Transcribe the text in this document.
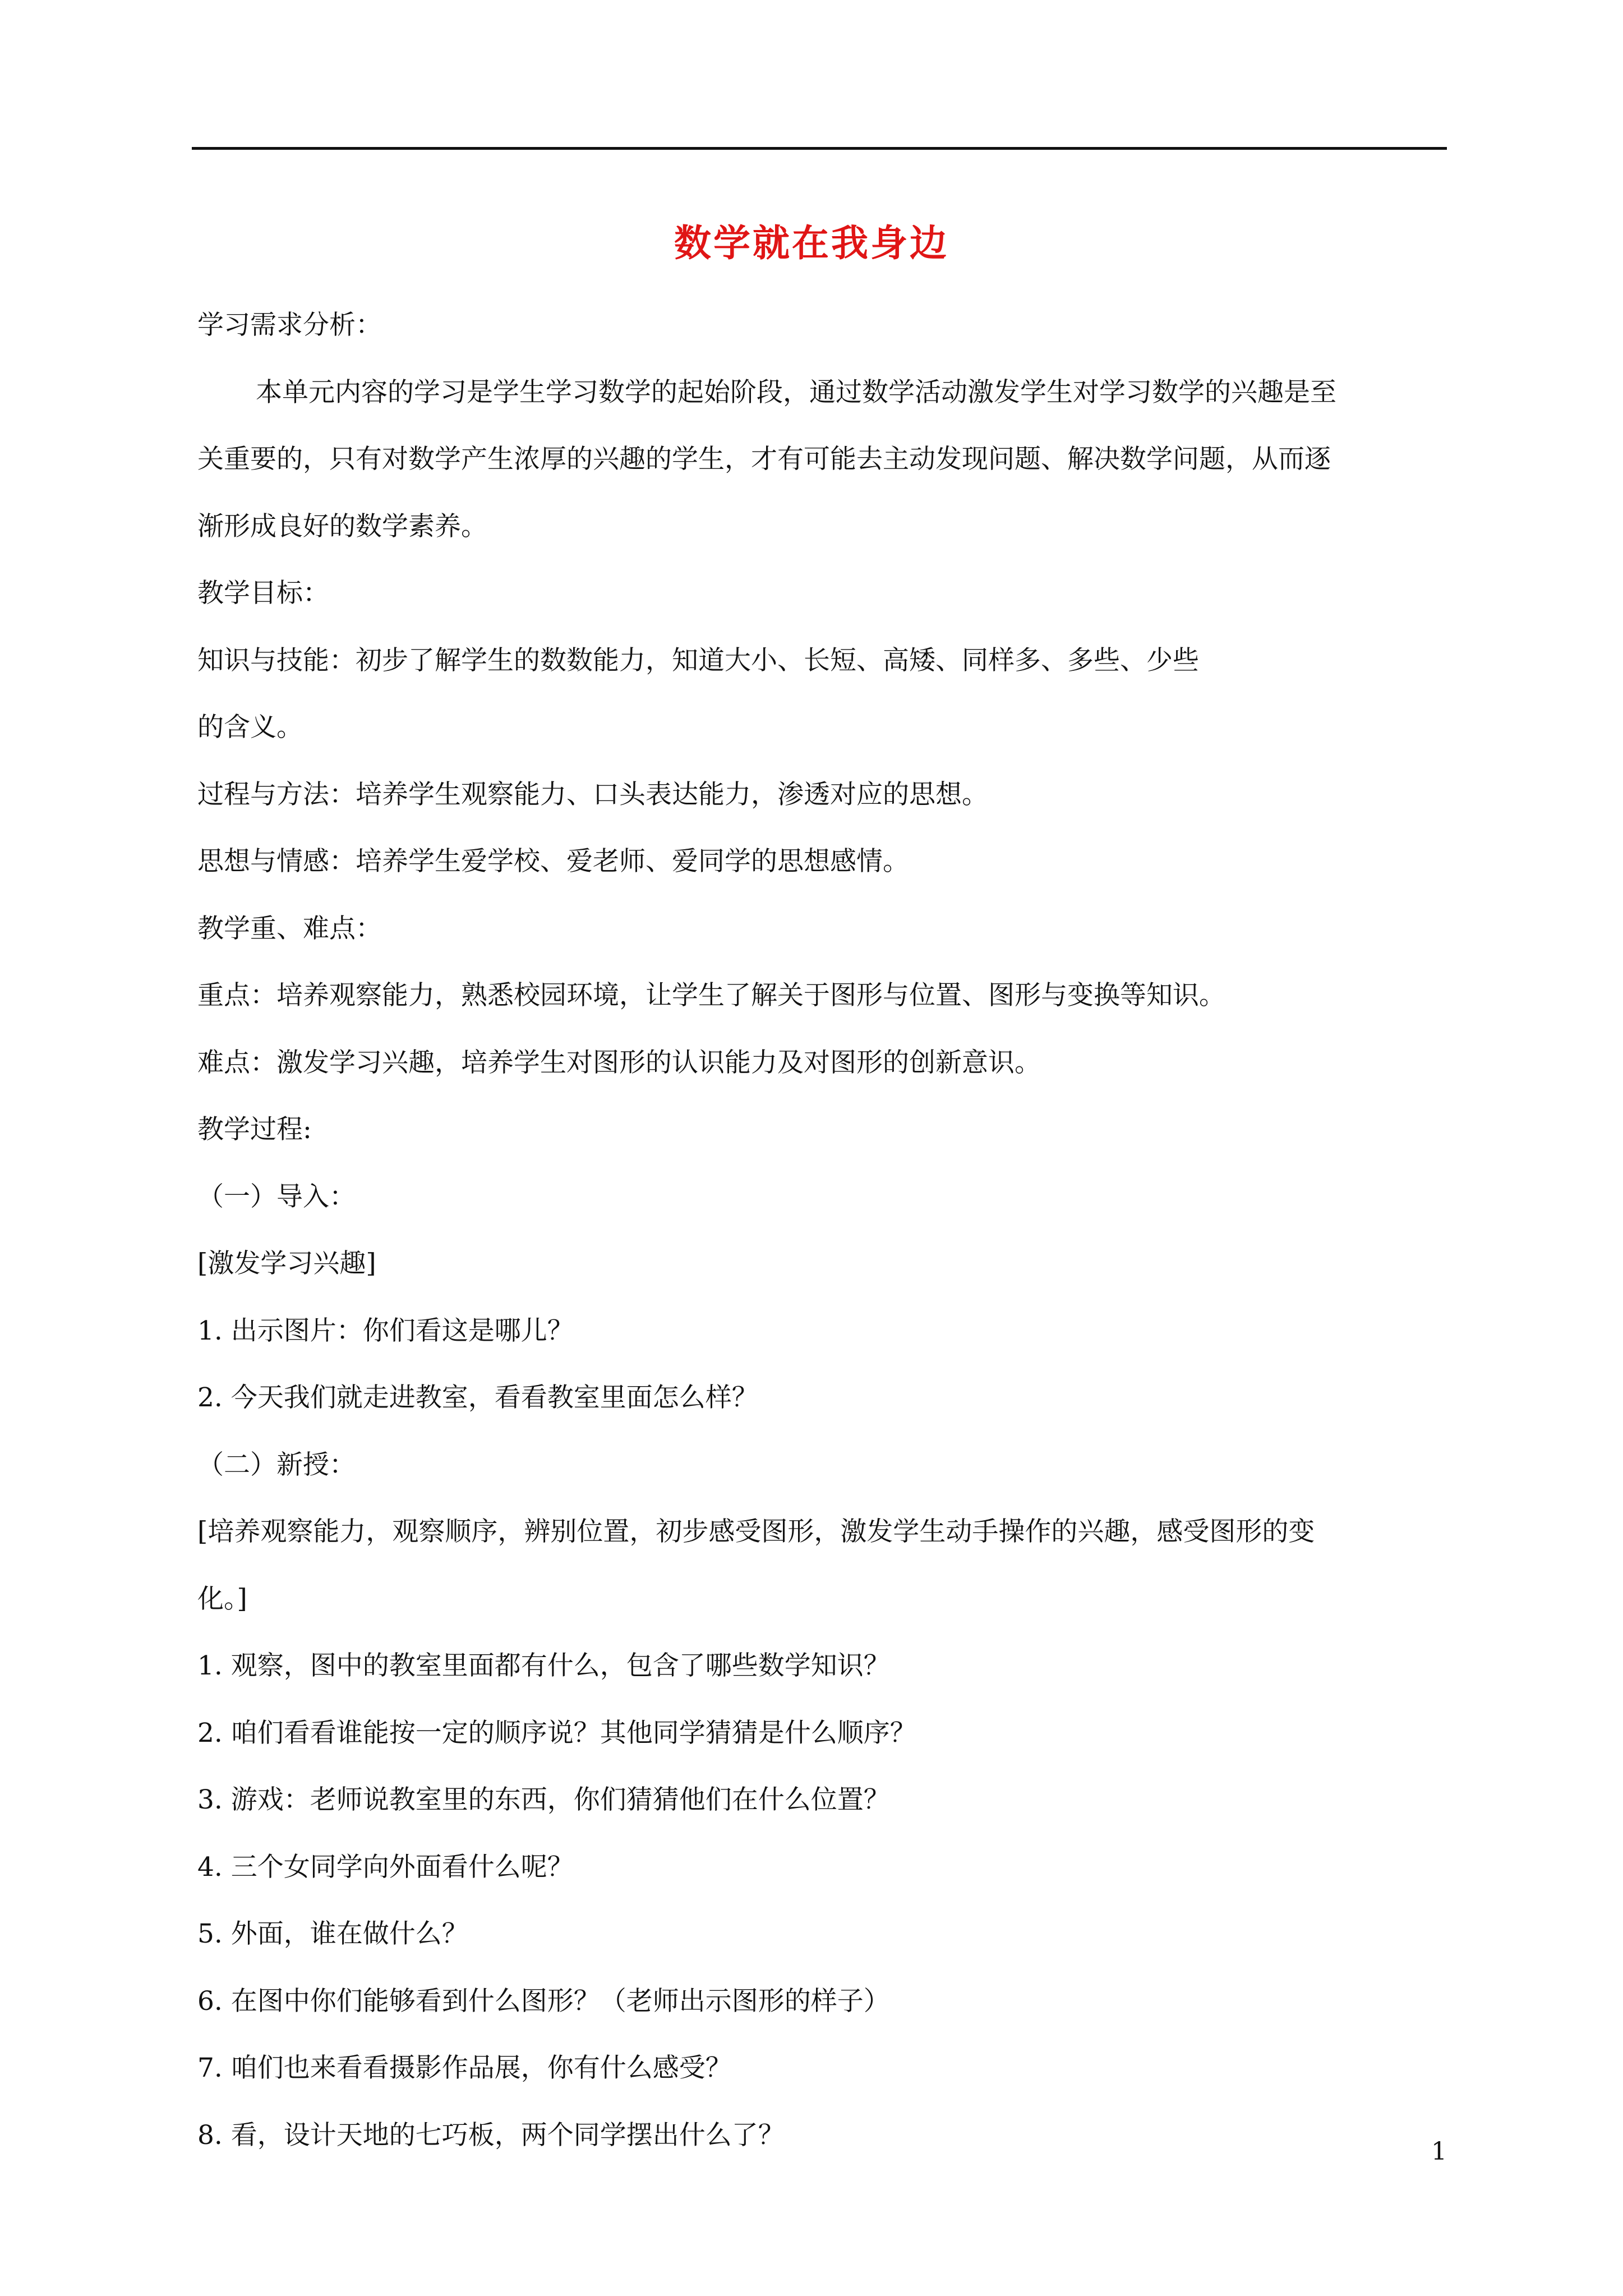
数学就在我身边
学习需求分析：
本单元内容的学习是学生学习数学的起始阶段，通过数学活动激发学生对学习数学的兴趣是至
关重要的，只有对数学产生浓厚的兴趣的学生，才有可能去主动发现问题、解决数学问题，从而逐
渐形成良好的数学素养。
教学目标：
知识与技能：初步了解学生的数数能力，知道大小、长短、高矮、同样多、多些、少些
的含义。
过程与方法：培养学生观察能力、口头表达能力，渗透对应的思想。
思想与情感：培养学生爱学校、爱老师、爱同学的思想感情。
教学重、难点：
重点：培养观察能力，熟悉校园环境，让学生了解关于图形与位置、图形与变换等知识。
难点：激发学习兴趣，培养学生对图形的认识能力及对图形的创新意识。
教学过程:
（一）导入：
[激发学习兴趣]
1. 出示图片：你们看这是哪儿？
2. 今天我们就走进教室，看看教室里面怎么样？
（二）新授：
[培养观察能力，观察顺序，辨别位置，初步感受图形，激发学生动手操作的兴趣，感受图形的变
化。]
1. 观察，图中的教室里面都有什么，包含了哪些数学知识？
2. 咱们看看谁能按一定的顺序说？其他同学猜猜是什么顺序？
3. 游戏：老师说教室里的东西，你们猜猜他们在什么位置？
4. 三个女同学向外面看什么呢？
5. 外面，谁在做什么？
6. 在图中你们能够看到什么图形？（老师出示图形的样子）
7. 咱们也来看看摄影作品展，你有什么感受？
8. 看，设计天地的七巧板，两个同学摆出什么了？
1
